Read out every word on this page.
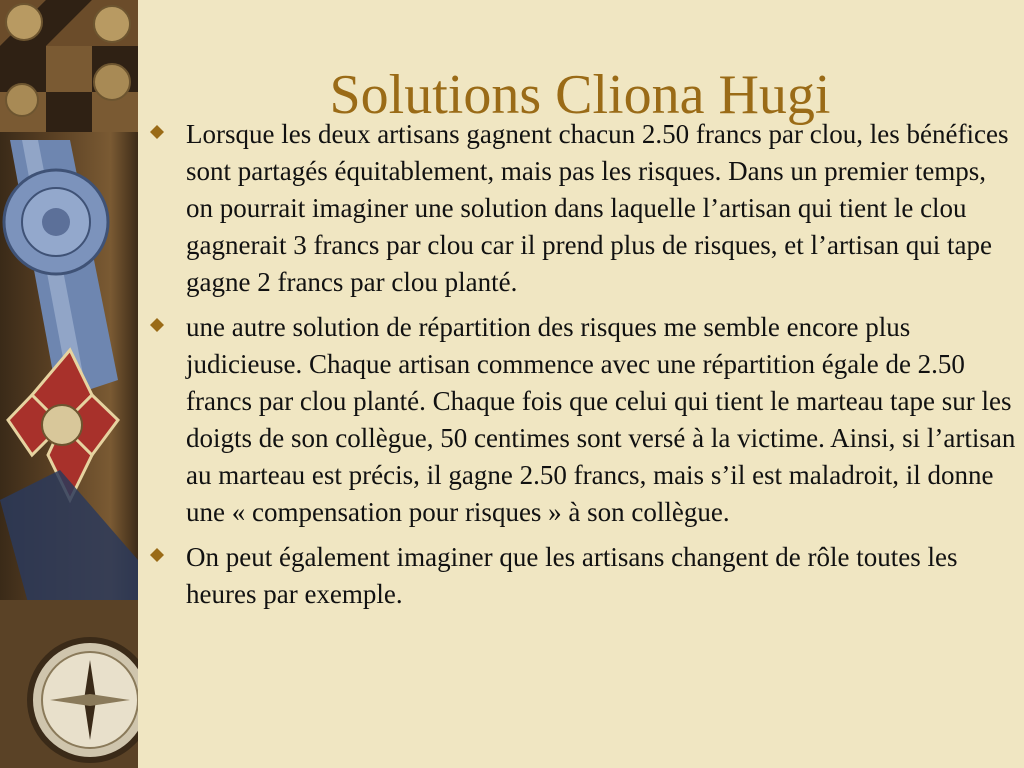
Solutions Cliona Hugi
Lorsque les deux artisans gagnent chacun 2.50 francs par clou, les bénéfices sont partagés équitablement, mais pas les risques. Dans un premier temps, on pourrait imaginer une solution dans laquelle l’artisan qui tient le clou gagnerait 3 francs par clou car il prend plus de risques, et l’artisan qui tape gagne 2 francs par clou planté.
une autre solution de répartition des risques me semble encore plus judicieuse. Chaque artisan commence avec une répartition égale de 2.50 francs par clou planté. Chaque fois que celui qui tient le marteau tape sur les doigts de son collègue, 50 centimes sont versé à la victime. Ainsi, si l’artisan au marteau est précis, il gagne 2.50 francs, mais s’il est maladroit, il donne une « compensation pour risques » à son collègue.
On peut également imaginer que les artisans changent de rôle toutes les heures par exemple.
